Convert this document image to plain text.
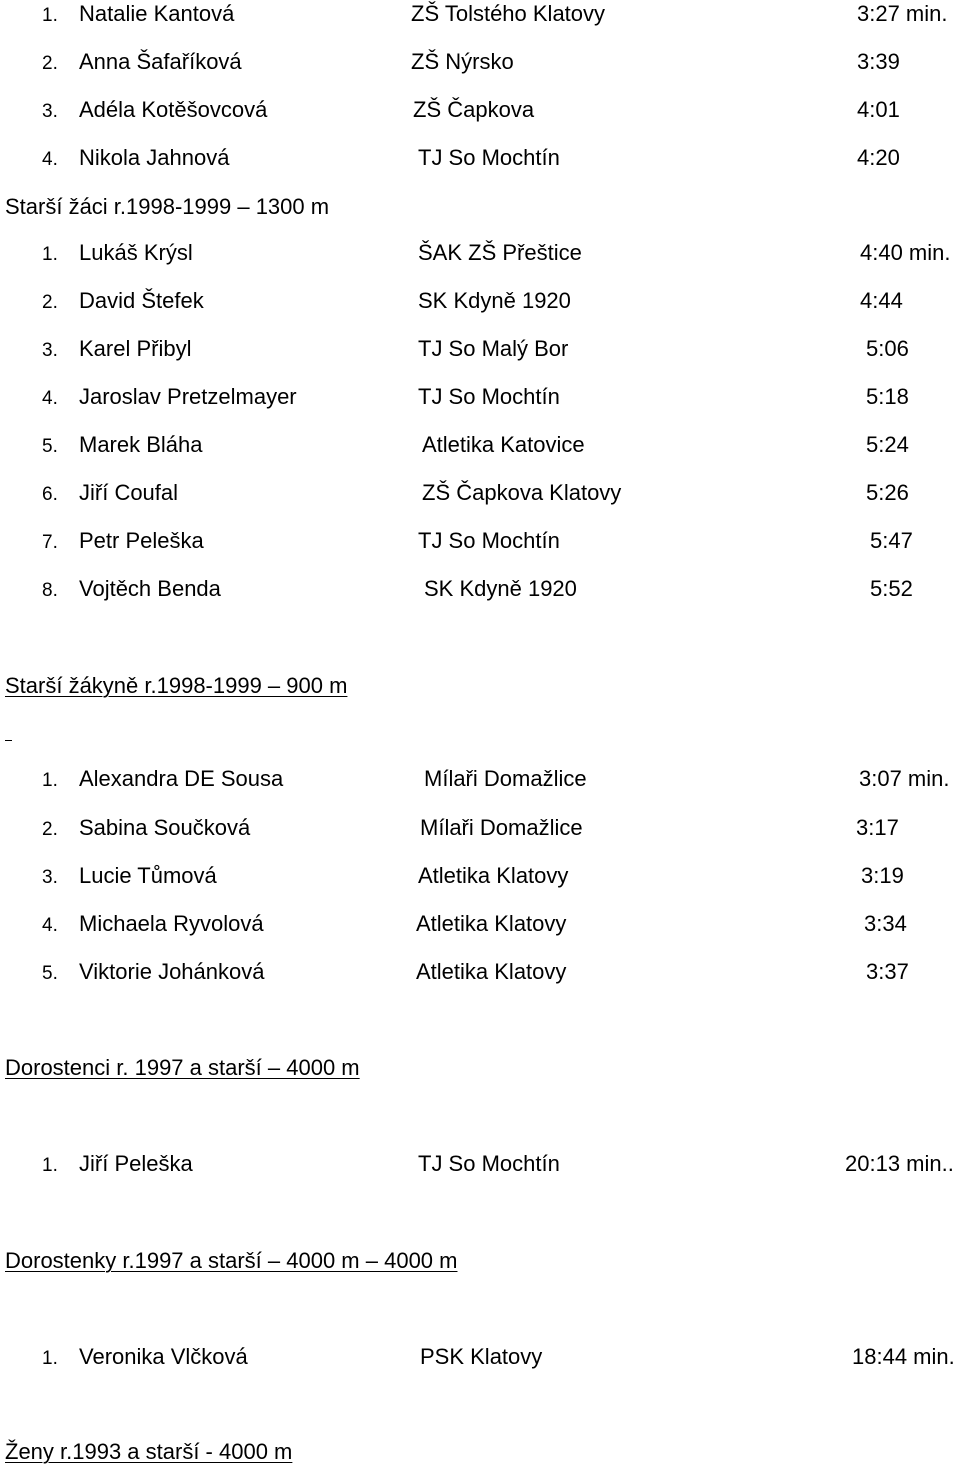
1. Natalie Kantová	ZŠ Tolstého Klatovy	3:27 min.
2. Anna Šafaříková	ZŠ Nýrsko	3:39
3. Adéla Kotěšovcová	ZŠ Čapkova	4:01
4. Nikola Jahnová	TJ So Mochtín	4:20
Starší žáci r.1998-1999 – 1300 m
1. Lukáš Krýsl	ŠAK ZŠ Přeštice	4:40 min.
2. David Štefek	SK Kdyně 1920	4:44
3. Karel Přibyl	TJ So Malý Bor	5:06
4. Jaroslav Pretzelmayer	TJ So Mochtín	5:18
5. Marek Bláha	Atletika Katovice	5:24
6. Jiří Coufal	ZŠ Čapkova Klatovy	5:26
7. Petr Peleška	TJ So Mochtín	5:47
8. Vojtěch Benda	SK Kdyně 1920	5:52
Starší žákyně r.1998-1999 – 900 m
1. Alexandra DE Sousa	Mílaři Domažlice	3:07 min.
2. Sabina Součková	Mílaři Domažlice	3:17
3. Lucie Tůmová	Atletika Klatovy	3:19
4. Michaela Ryvolová	Atletika Klatovy	3:34
5. Viktorie Johánková	Atletika Klatovy	3:37
Dorostenci r. 1997 a starší – 4000 m
1. Jiří Peleška	TJ So Mochtín	20:13 min..
Dorostenky r.1997 a starší – 4000 m – 4000 m
1. Veronika Vlčková	PSK Klatovy	18:44 min.
Ženy r.1993 a starší - 4000 m
